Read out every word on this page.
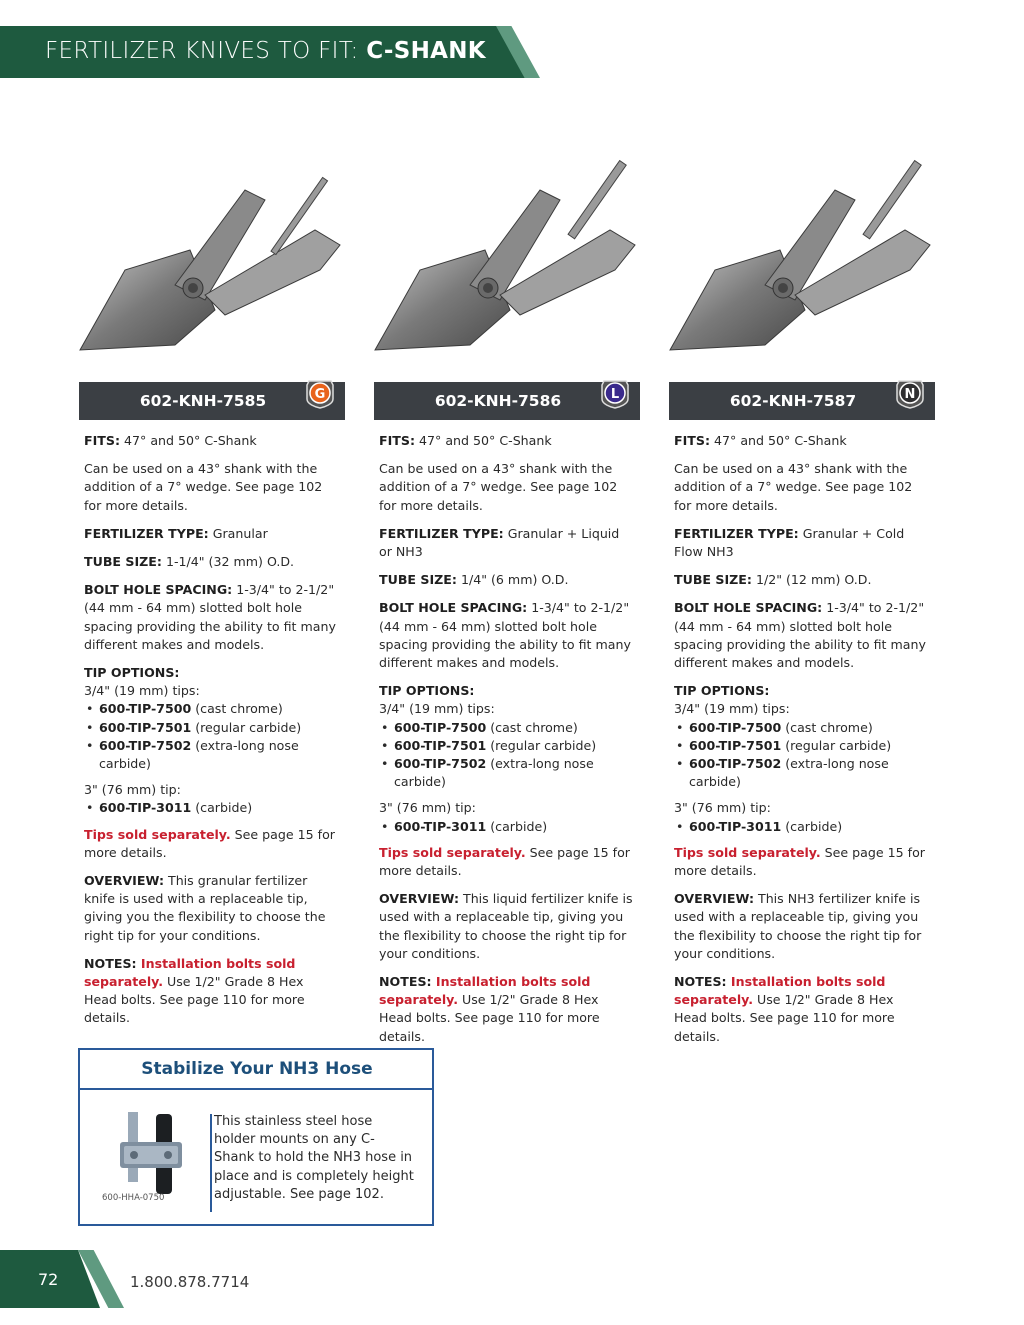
FERTILIZER KNIVES TO FIT: C-SHANK
602-KNH-7585	G

FITS: 47° and 50° C-Shank

Can be used on a 43° shank with the addition of a 7° wedge. See page 102 for more details.

FERTILIZER TYPE: Granular

TUBE SIZE: 1-1/4" (32 mm) O.D.

BOLT HOLE SPACING: 1-3/4" to 2-1/2" (44 mm - 64 mm) slotted bolt hole spacing providing the ability to fit many different makes and models.

TIP OPTIONS:
3/4" (19 mm) tips:
• 600-TIP-7500 (cast chrome)
• 600-TIP-7501 (regular carbide)
• 600-TIP-7502 (extra-long nose carbide)
3" (76 mm) tip:
• 600-TIP-3011 (carbide)

Tips sold separately. See page 15 for more details.

OVERVIEW: This granular fertilizer knife is used with a replaceable tip, giving you the flexibility to choose the right tip for your conditions.

NOTES: Installation bolts sold separately. Use 1/2" Grade 8 Hex Head bolts. See page 110 for more details.

602-KNH-7586	L

FITS: 47° and 50° C-Shank

Can be used on a 43° shank with the addition of a 7° wedge. See page 102 for more details.

FERTILIZER TYPE: Granular + Liquid or NH3

TUBE SIZE: 1/4" (6 mm) O.D.

BOLT HOLE SPACING: 1-3/4" to 2-1/2" (44 mm - 64 mm) slotted bolt hole spacing providing the ability to fit many different makes and models.

TIP OPTIONS:
3/4" (19 mm) tips:
• 600-TIP-7500 (cast chrome)
• 600-TIP-7501 (regular carbide)
• 600-TIP-7502 (extra-long nose carbide)
3" (76 mm) tip:
• 600-TIP-3011 (carbide)

Tips sold separately. See page 15 for more details.

OVERVIEW: This liquid fertilizer knife is used with a replaceable tip, giving you the flexibility to choose the right tip for your conditions.

NOTES: Installation bolts sold separately. Use 1/2" Grade 8 Hex Head bolts. See page 110 for more details.

602-KNH-7587	N

FITS: 47° and 50° C-Shank

Can be used on a 43° shank with the addition of a 7° wedge. See page 102 for more details.

FERTILIZER TYPE: Granular + Cold Flow NH3

TUBE SIZE: 1/2" (12 mm) O.D.

BOLT HOLE SPACING: 1-3/4" to 2-1/2" (44 mm - 64 mm) slotted bolt hole spacing providing the ability to fit many different makes and models.

TIP OPTIONS:
3/4" (19 mm) tips:
• 600-TIP-7500 (cast chrome)
• 600-TIP-7501 (regular carbide)
• 600-TIP-7502 (extra-long nose carbide)
3" (76 mm) tip:
• 600-TIP-3011 (carbide)

Tips sold separately. See page 15 for more details.

OVERVIEW: This NH3 fertilizer knife is used with a replaceable tip, giving you the flexibility to choose the right tip for your conditions.

NOTES: Installation bolts sold separately. Use 1/2" Grade 8 Hex Head bolts. See page 110 for more details.

Stabilize Your NH3 Hose
600-HHA-0750
This stainless steel hose holder mounts on any C-Shank to hold the NH3 hose in place and is completely height adjustable. See page 102.
72	1.800.878.7714
